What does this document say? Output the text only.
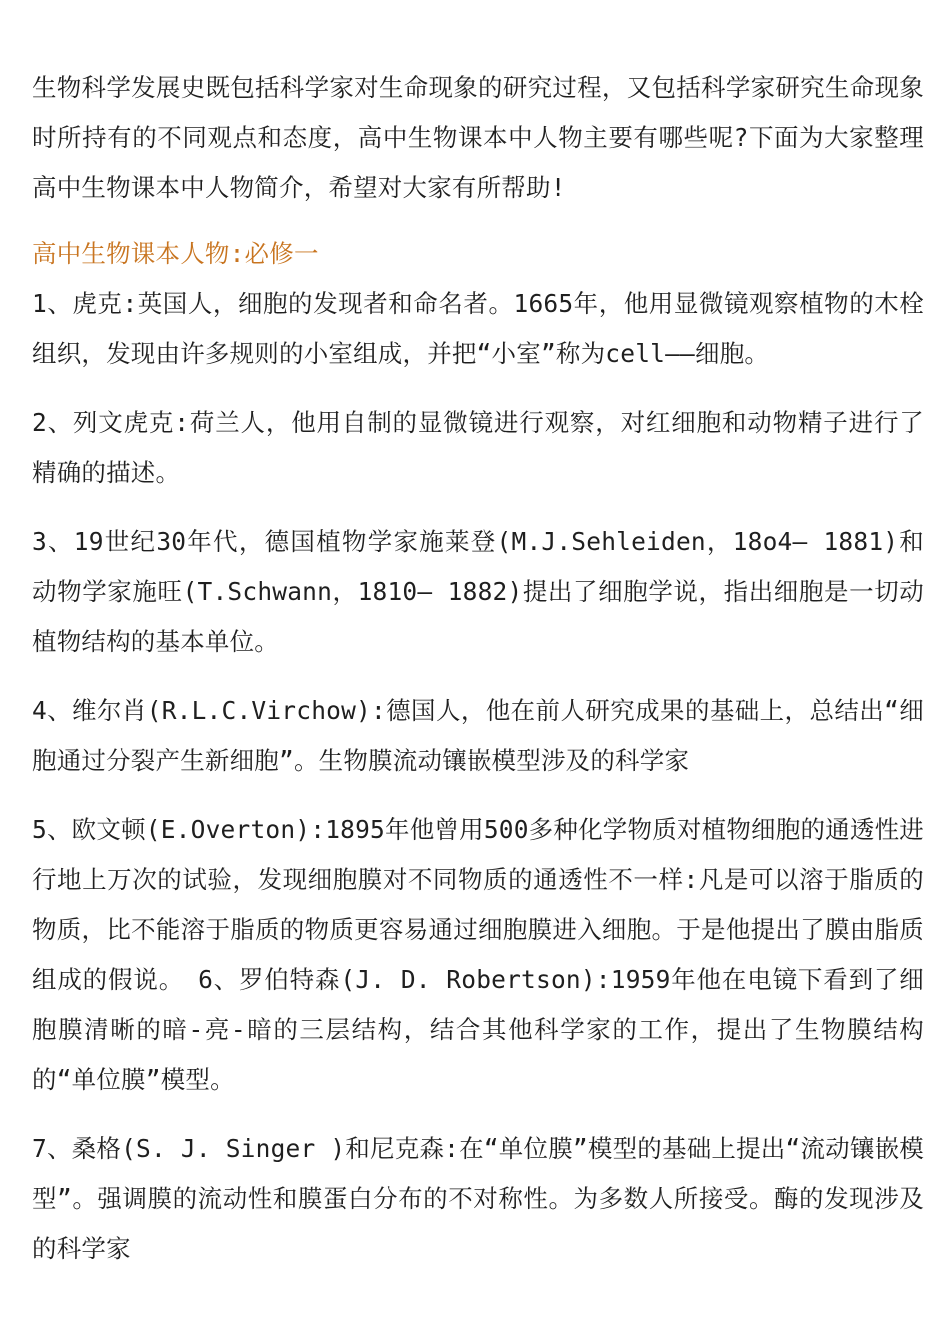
生物科学发展史既包括科学家对生命现象的研究过程，又包括科学家研究生命现象时所持有的不同观点和态度，高中生物课本中人物主要有哪些呢?下面为大家整理高中生物课本中人物简介，希望对大家有所帮助!

高中生物课本人物:必修一

1、虎克:英国人，细胞的发现者和命名者。1665年，他用显微镜观察植物的木栓组织，发现由许多规则的小室组成，并把“小室”称为cell——细胞。

2、列文虎克:荷兰人，他用自制的显微镜进行观察，对红细胞和动物精子进行了精确的描述。

3、19世纪30年代，德国植物学家施莱登(M.J.Sehleiden，18o4— 1881)和动物学家施旺(T.Schwann，1810— 1882)提出了细胞学说，指出细胞是一切动植物结构的基本单位。

4、维尔肖(R.L.C.Virchow):德国人，他在前人研究成果的基础上，总结出“细胞通过分裂产生新细胞”。生物膜流动镶嵌模型涉及的科学家

5、欧文顿(E.Overton):1895年他曾用500多种化学物质对植物细胞的通透性进行地上万次的试验，发现细胞膜对不同物质的通透性不一样:凡是可以溶于脂质的物质，比不能溶于脂质的物质更容易通过细胞膜进入细胞。于是他提出了膜由脂质组成的假说。 6、罗伯特森(J. D. Robertson):1959年他在电镜下看到了细胞膜清晰的暗-亮-暗的三层结构，结合其他科学家的工作，提出了生物膜结构的“单位膜”模型。

7、桑格(S. J. Singer )和尼克森:在“单位膜”模型的基础上提出“流动镶嵌模型”。强调膜的流动性和膜蛋白分布的不对称性。为多数人所接受。酶的发现涉及的科学家
